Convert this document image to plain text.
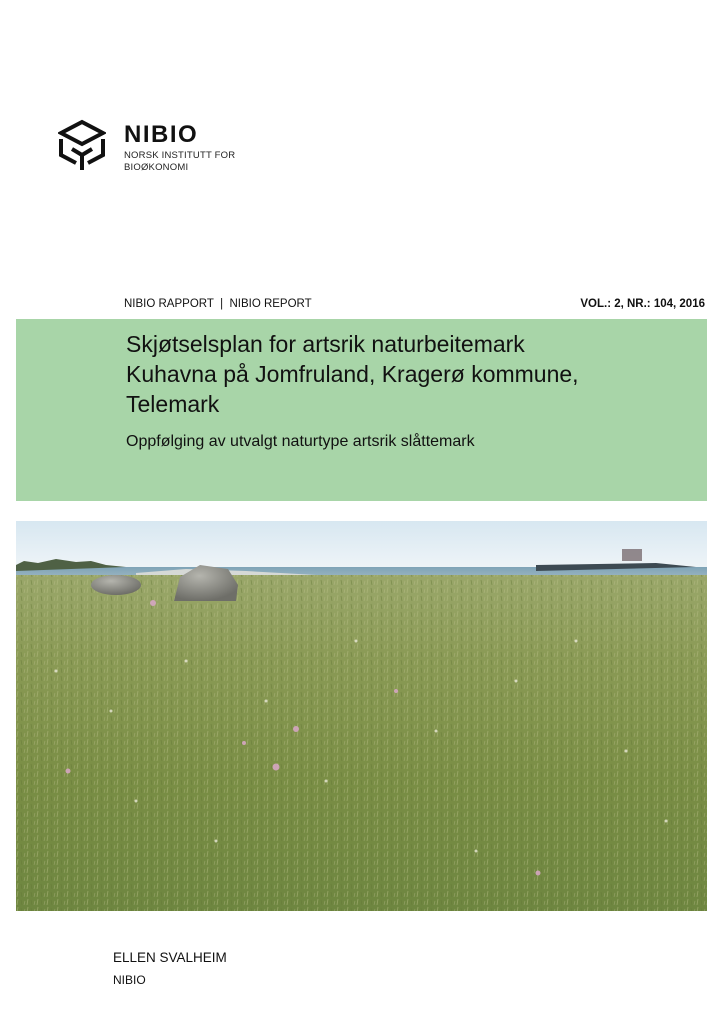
NIBIO
NORSK INSTITUTT FOR
BIOØKONOMI
NIBIO RAPPORT  |  NIBIO REPORT	VOL.: 2, NR.: 104, 2016
Skjøtselsplan for artsrik naturbeitemark
Kuhavna på Jomfruland, Kragerø kommune,
Telemark
Oppfølging av utvalgt naturtype artsrik slåttemark
ELLEN SVALHEIM
NIBIO
